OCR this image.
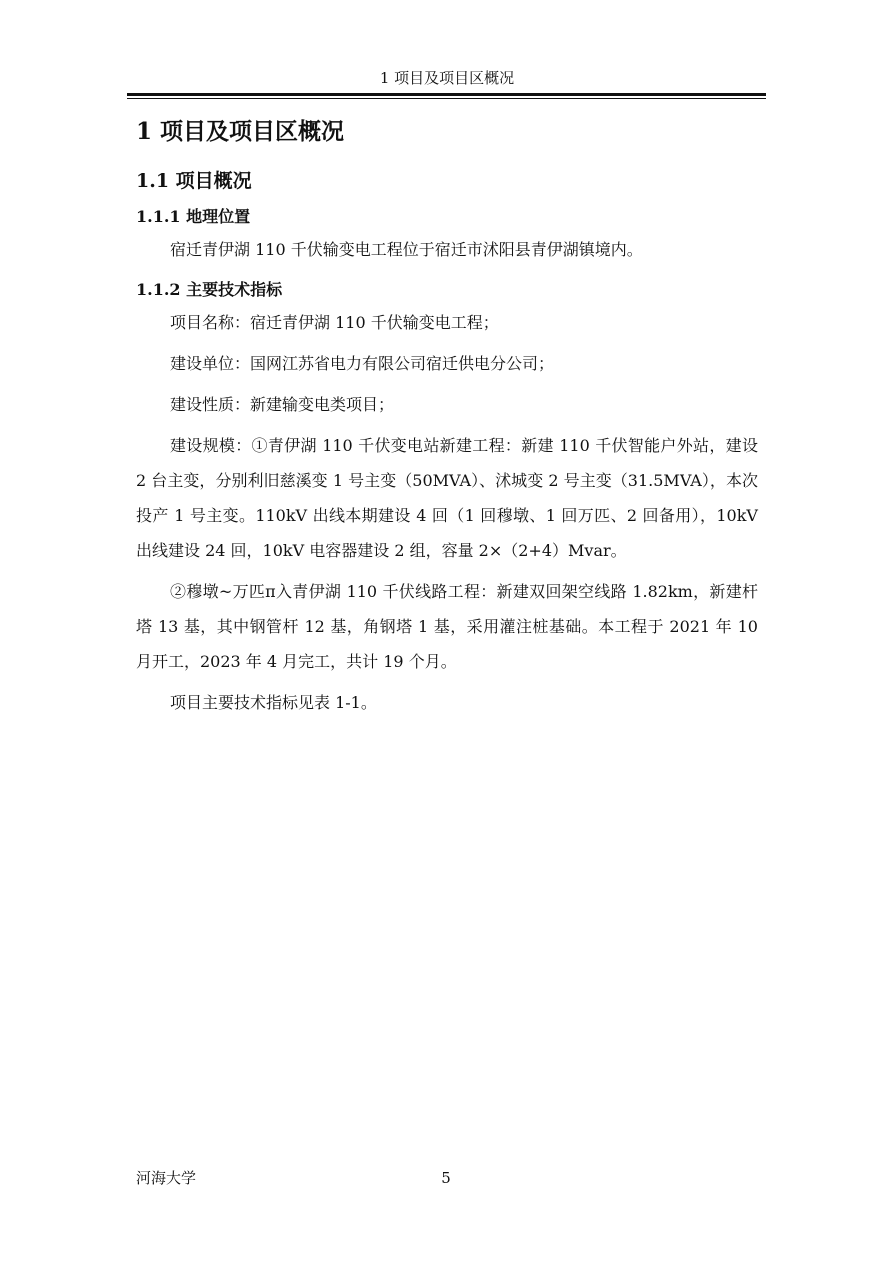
1 项目及项目区概况
1 项目及项目区概况
1.1 项目概况
1.1.1 地理位置

宿迁青伊湖 110 千伏输变电工程位于宿迁市沭阳县青伊湖镇境内。

1.1.2 主要技术指标

项目名称：宿迁青伊湖 110 千伏输变电工程；

建设单位：国网江苏省电力有限公司宿迁供电分公司；

建设性质：新建输变电类项目；

建设规模：①青伊湖 110 千伏变电站新建工程：新建 110 千伏智能户外站，建设 2 台主变，分别利旧慈溪变 1 号主变（50MVA）、沭城变 2 号主变（31.5MVA），本次投产 1 号主变。110kV 出线本期建设 4 回（1 回穆墩、1 回万匹、2 回备用），10kV 出线建设 24 回，10kV 电容器建设 2 组，容量 2×（2+4）Mvar。

②穆墩~万匹π入青伊湖 110 千伏线路工程：新建双回架空线路 1.82km，新建杆塔 13 基，其中钢管杆 12 基，角钢塔 1 基，采用灌注桩基础。本工程于 2021 年 10 月开工，2023 年 4 月完工，共计 19 个月。

项目主要技术指标见表 1-1。

河海大学	5
